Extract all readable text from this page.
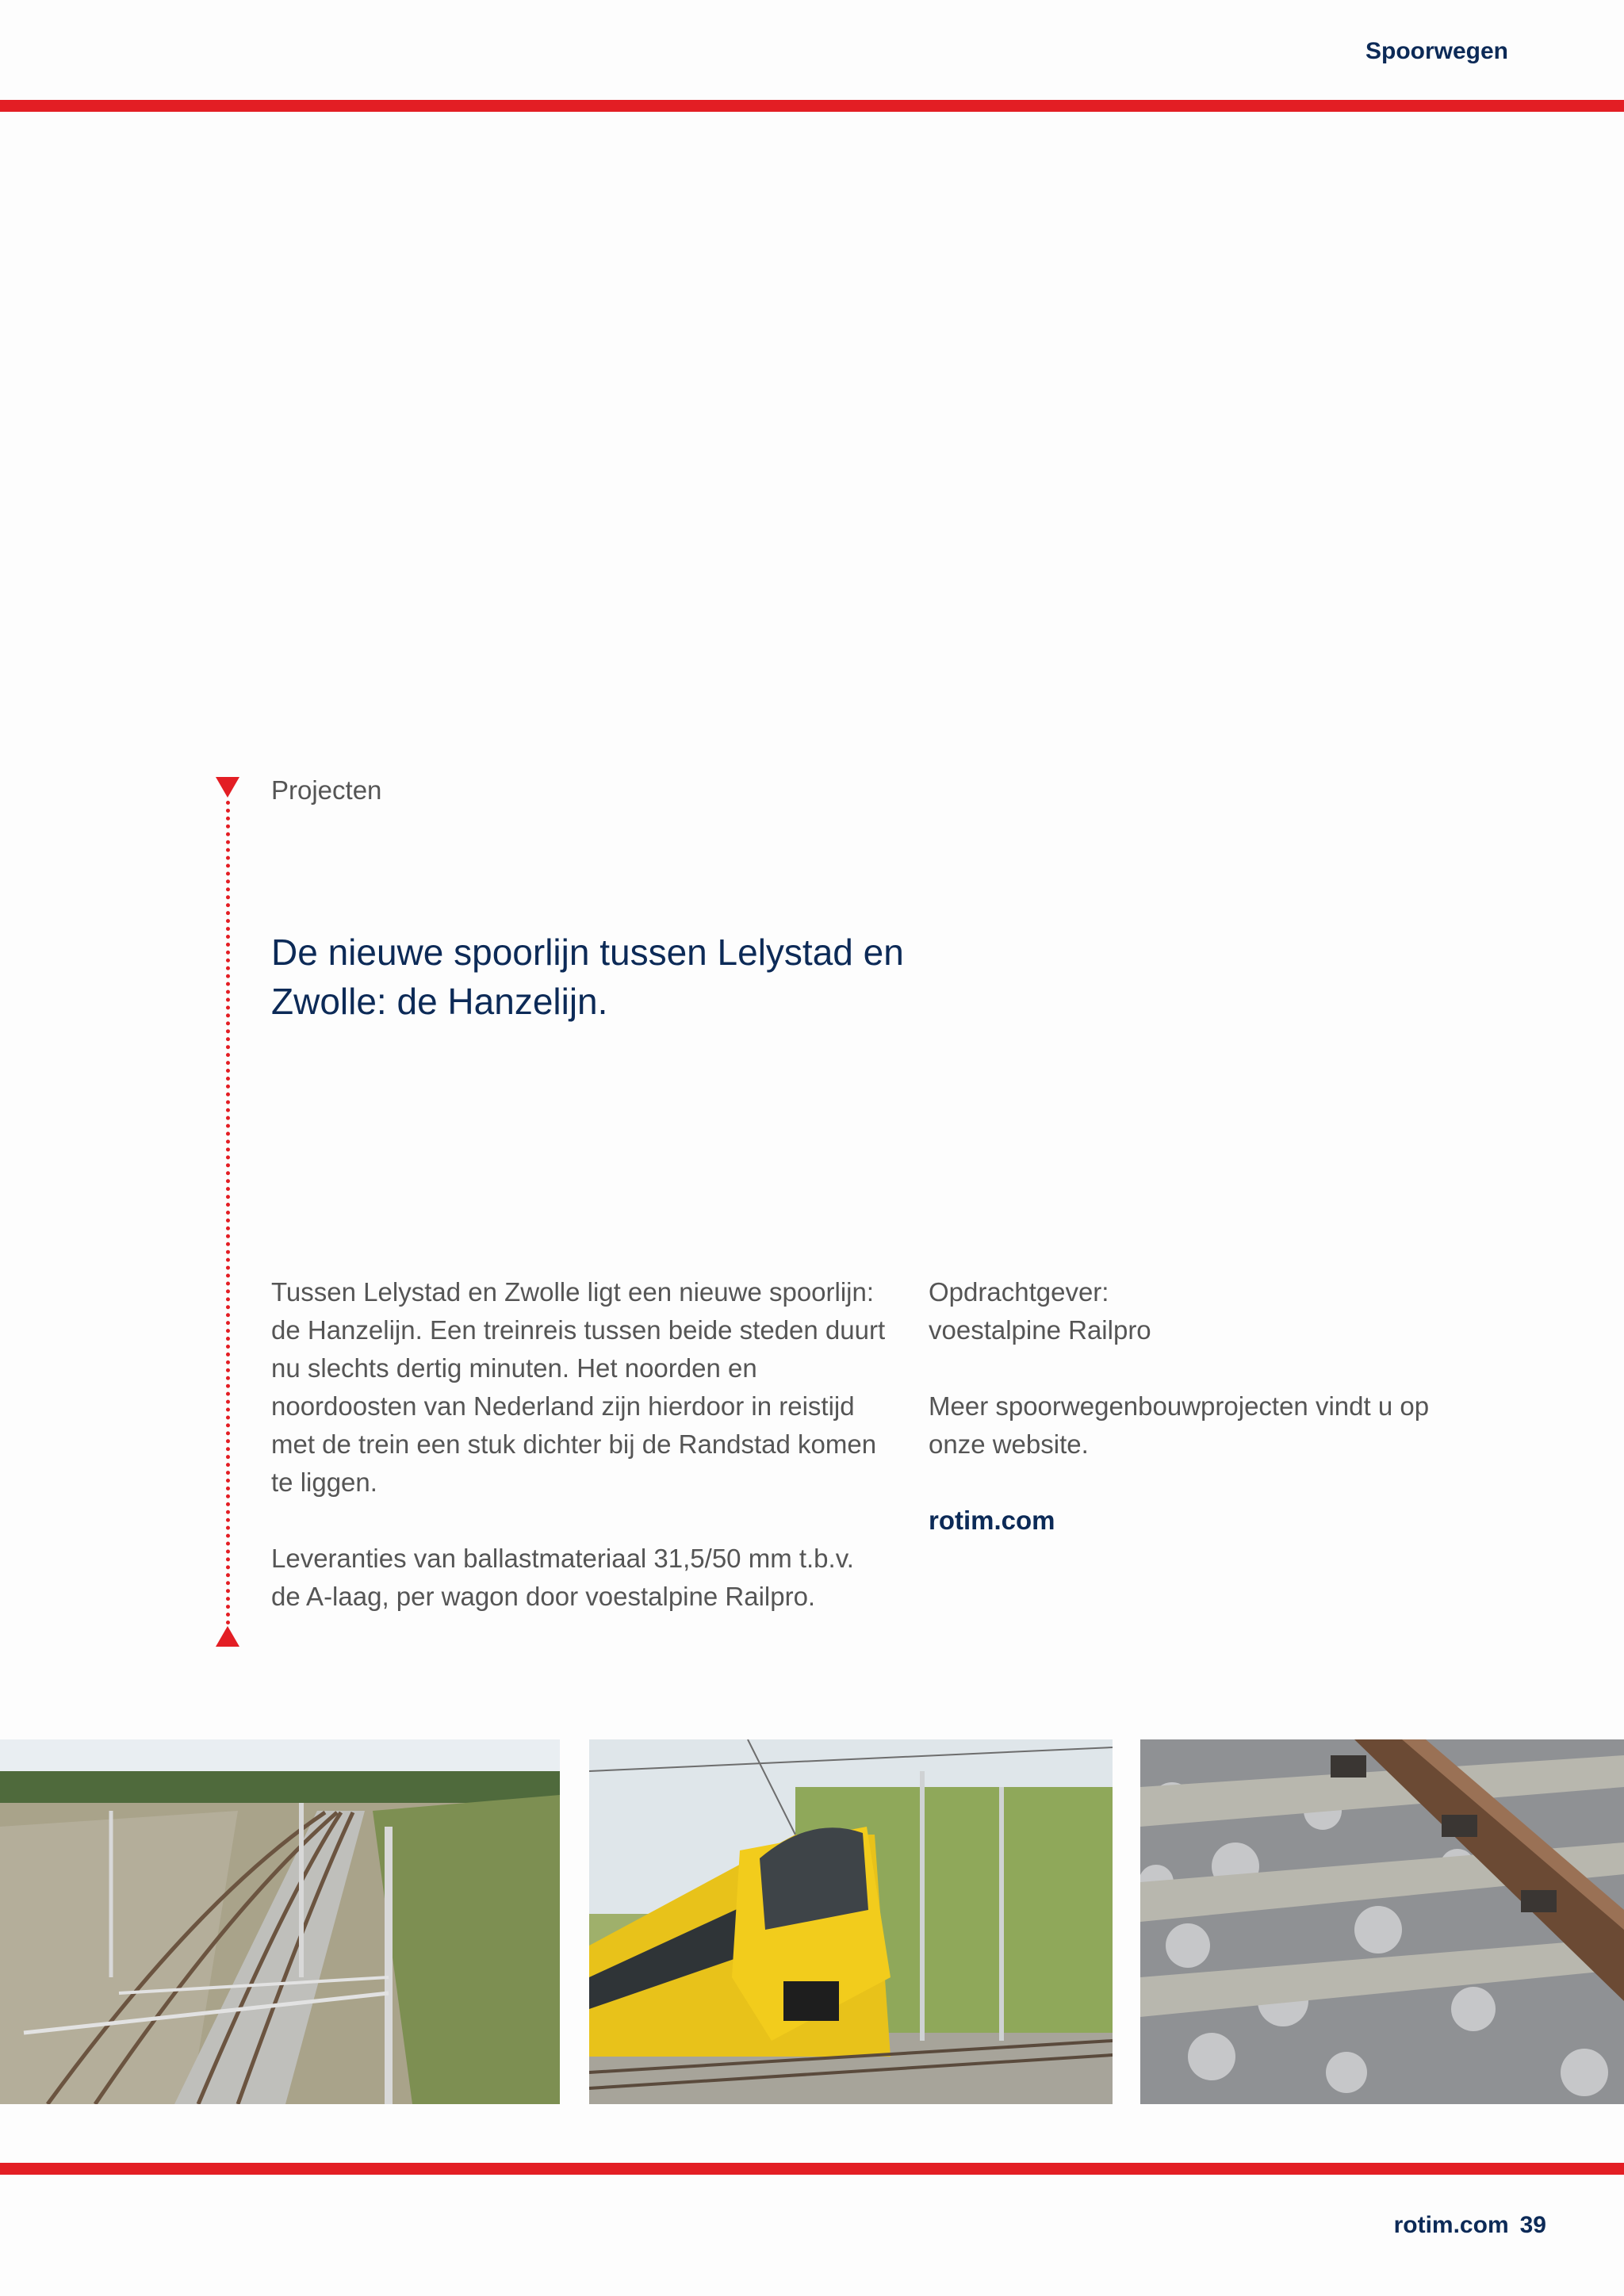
Spoorwegen
Projecten
De nieuwe spoorlijn tussen Lelystad en Zwolle: de Hanzelijn.

Tussen Lelystad en Zwolle ligt een nieuwe spoorlijn: de Hanzelijn. Een treinreis tussen beide steden duurt nu slechts dertig minuten. Het noorden en noordoosten van Nederland zijn hierdoor in reistijd met de trein een stuk dichter bij de Randstad komen te liggen.

Leveranties van ballastmateriaal 31,5/50 mm t.b.v. de A-laag, per wagon door voestalpine Railpro.

Opdrachtgever:
voestalpine Railpro

Meer spoorwegenbouwprojecten vindt u op onze website.

rotim.com

rotim.com 39
